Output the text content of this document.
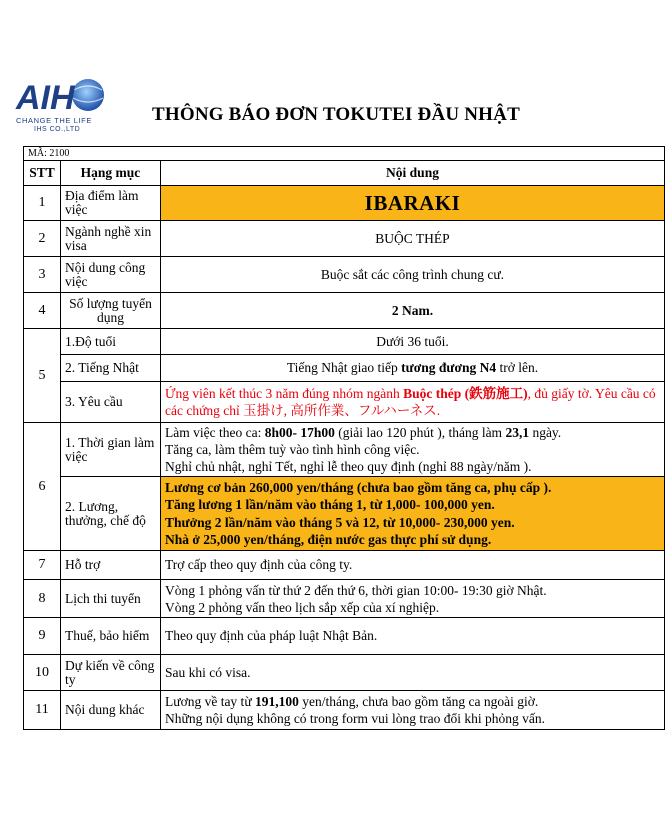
AIH
CHANGE THE LIFE
IHS CO.,LTD
THÔNG BÁO ĐƠN TOKUTEI ĐẦU NHẬT
MÃ: 2100		
STT	Hạng mục	Nội dung
1	Địa điểm làm việc	IBARAKI
2	Ngành nghề xin visa	BUỘC THÉP
3	Nội dung công việc	Buộc sắt các công trình chung cư.
4	Số lượng tuyển dụng	2 Nam.
5	1.Độ tuổi	Dưới 36 tuổi.
	2. Tiếng Nhật	Tiếng Nhật giao tiếp tương đương N4 trở lên.
	3. Yêu cầu	Ứng viên kết thúc 3 năm đúng nhóm ngành Buộc thép (鉄筋施工), đủ giấy tờ. Yêu cầu có các chứng chỉ 玉掛け, 高所作業、フルハーネス.
6	1. Thời gian làm việc	Làm việc theo ca: 8h00- 17h00 (giải lao 120 phút ), tháng làm 23,1 ngày.
Tăng ca, làm thêm tuỳ vào tình hình công việc.
Nghỉ chủ nhật, nghỉ Tết, nghỉ lễ theo quy định (nghỉ 88 ngày/năm ).

	2. Lương, thưởng, chế độ	Lương cơ bản 260,000 yen/tháng (chưa bao gồm tăng ca, phụ cấp ).
Tăng lương 1 lần/năm vào tháng 1, từ 1,000- 100,000 yen.
Thưởng 2 lần/năm vào tháng 5 và 12, từ 10,000- 230,000 yen.
Nhà ở 25,000 yen/tháng, điện nước gas thực phí sử dụng.

7	Hỗ trợ	Trợ cấp theo quy định của công ty.
8	Lịch thi tuyển	Vòng 1 phỏng vấn từ thứ 2 đến thứ 6, thời gian 10:00- 19:30 giờ Nhật.
Vòng 2 phỏng vấn theo lịch sắp xếp của xí nghiệp.

9	Thuế, bảo hiểm	Theo quy định của pháp luật Nhật Bản.
10	Dự kiến về công ty	Sau khi có visa.
11	Nội dung khác	Lương về tay từ 191,100 yen/tháng, chưa bao gồm tăng ca ngoài giờ.
Những nội dụng không có trong form vui lòng trao đổi khi phỏng vấn.
